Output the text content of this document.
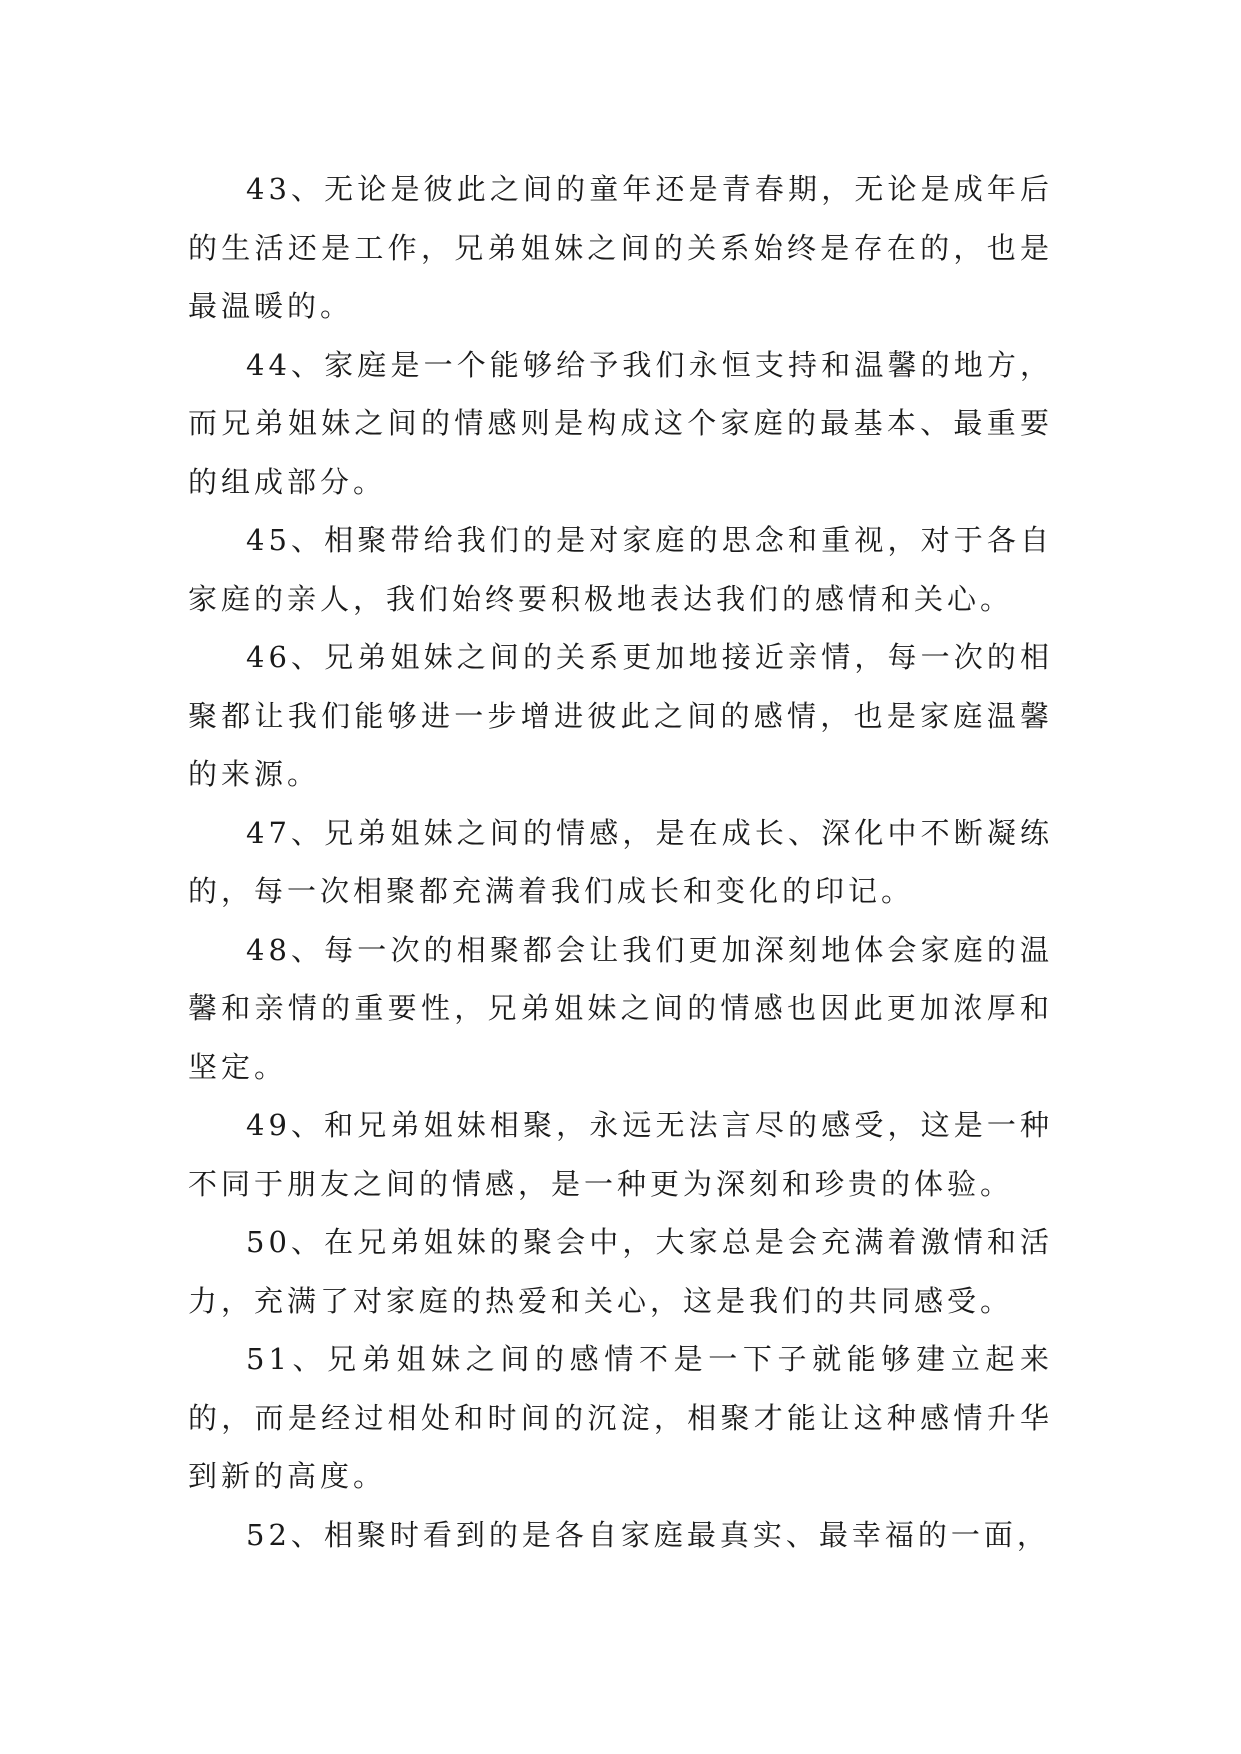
43、无论是彼此之间的童年还是青春期，无论是成年后的生活还是工作，兄弟姐妹之间的关系始终是存在的，也是最温暖的。

44、家庭是一个能够给予我们永恒支持和温馨的地方，而兄弟姐妹之间的情感则是构成这个家庭的最基本、最重要的组成部分。

45、相聚带给我们的是对家庭的思念和重视，对于各自家庭的亲人，我们始终要积极地表达我们的感情和关心。

46、兄弟姐妹之间的关系更加地接近亲情，每一次的相聚都让我们能够进一步增进彼此之间的感情，也是家庭温馨的来源。

47、兄弟姐妹之间的情感，是在成长、深化中不断凝练的，每一次相聚都充满着我们成长和变化的印记。

48、每一次的相聚都会让我们更加深刻地体会家庭的温馨和亲情的重要性，兄弟姐妹之间的情感也因此更加浓厚和坚定。

49、和兄弟姐妹相聚，永远无法言尽的感受，这是一种不同于朋友之间的情感，是一种更为深刻和珍贵的体验。

50、在兄弟姐妹的聚会中，大家总是会充满着激情和活力，充满了对家庭的热爱和关心，这是我们的共同感受。

51、兄弟姐妹之间的感情不是一下子就能够建立起来的，而是经过相处和时间的沉淀，相聚才能让这种感情升华到新的高度。

52、相聚时看到的是各自家庭最真实、最幸福的一面，
